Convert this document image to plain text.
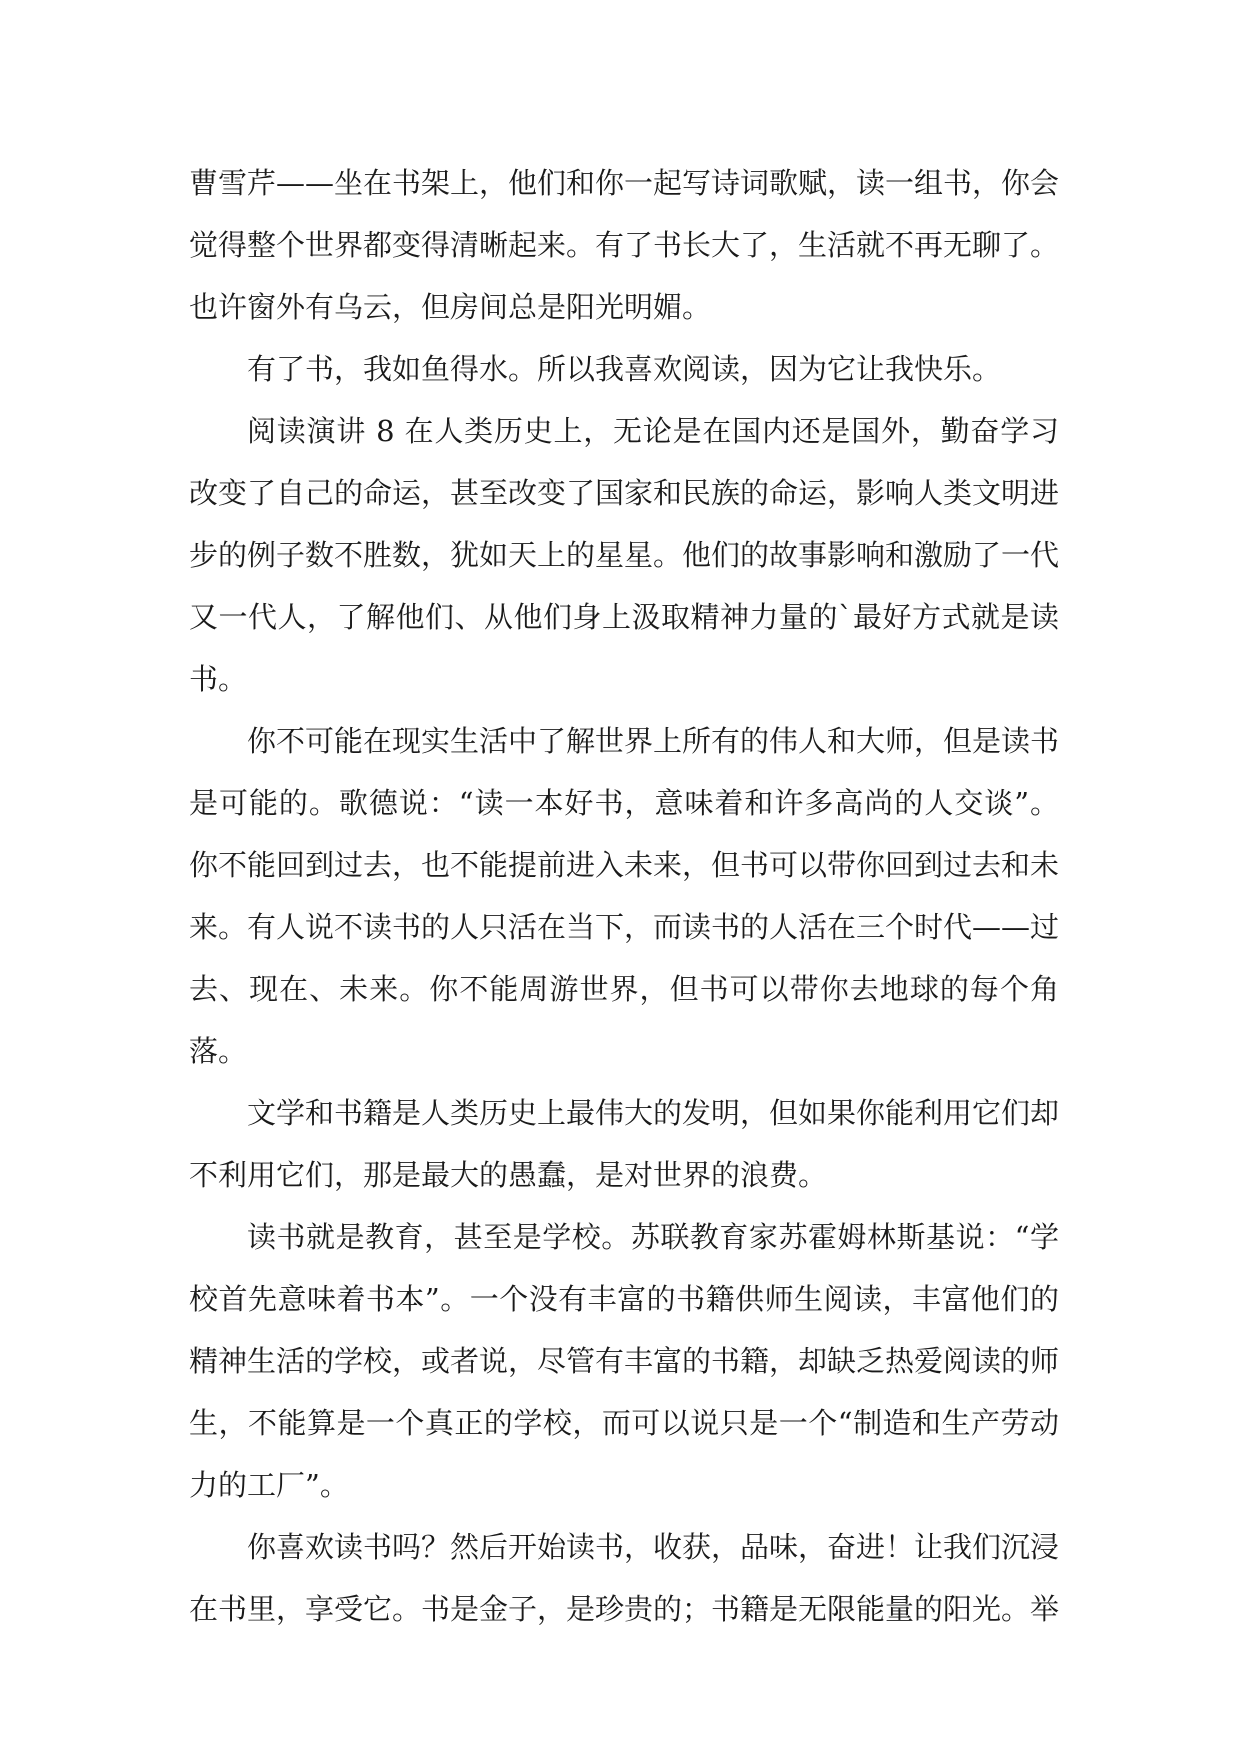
曹雪芹——坐在书架上，他们和你一起写诗词歌赋，读一组书，你会觉得整个世界都变得清晰起来。有了书长大了，生活就不再无聊了。也许窗外有乌云，但房间总是阳光明媚。

有了书，我如鱼得水。所以我喜欢阅读，因为它让我快乐。

阅读演讲 8 在人类历史上，无论是在国内还是国外，勤奋学习改变了自己的命运，甚至改变了国家和民族的命运，影响人类文明进步的例子数不胜数，犹如天上的星星。他们的故事影响和激励了一代又一代人，了解他们、从他们身上汲取精神力量的`最好方式就是读书。

你不可能在现实生活中了解世界上所有的伟人和大师，但是读书是可能的。歌德说：“读一本好书，意味着和许多高尚的人交谈”。你不能回到过去，也不能提前进入未来，但书可以带你回到过去和未来。有人说不读书的人只活在当下，而读书的人活在三个时代——过去、现在、未来。你不能周游世界，但书可以带你去地球的每个角落。

文学和书籍是人类历史上最伟大的发明，但如果你能利用它们却不利用它们，那是最大的愚蠢，是对世界的浪费。

读书就是教育，甚至是学校。苏联教育家苏霍姆林斯基说：“学校首先意味着书本”。一个没有丰富的书籍供师生阅读，丰富他们的精神生活的学校，或者说，尽管有丰富的书籍，却缺乏热爱阅读的师生，不能算是一个真正的学校，而可以说只是一个“制造和生产劳动力的工厂”。

你喜欢读书吗？然后开始读书，收获，品味，奋进！让我们沉浸在书里，享受它。书是金子，是珍贵的；书籍是无限能量的阳光。举
